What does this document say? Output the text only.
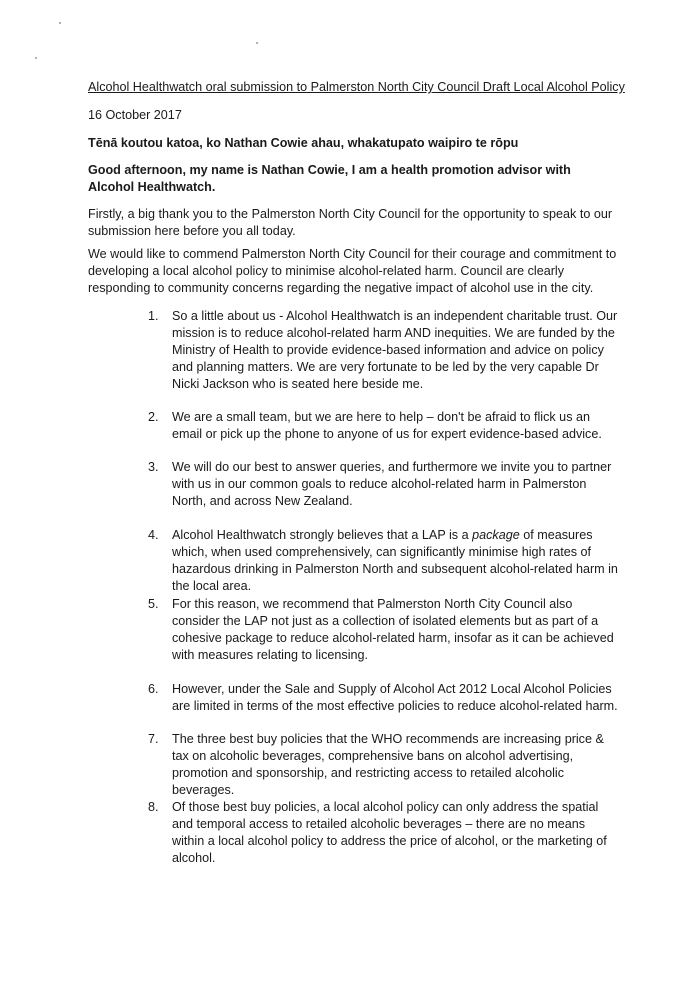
Alcohol Healthwatch oral submission to Palmerston North City Council Draft Local Alcohol Policy
16 October 2017
Tēnā koutou katoa, ko Nathan Cowie ahau, whakatupato waipiro te rōpu
Good afternoon, my name is Nathan Cowie, I am a health promotion advisor with Alcohol Healthwatch.
Firstly, a big thank you to the Palmerston North City Council for the opportunity to speak to our submission here before you all today.
We would like to commend Palmerston North City Council for their courage and commitment to developing a local alcohol policy to minimise alcohol-related harm. Council are clearly responding to community concerns regarding the negative impact of alcohol use in the city.
1.	So a little about us - Alcohol Healthwatch is an independent charitable trust. Our mission is to reduce alcohol-related harm AND inequities. We are funded by the Ministry of Health to provide evidence-based information and advice on policy and planning matters. We are very fortunate to be led by the very capable Dr Nicki Jackson who is seated here beside me.
2.	We are a small team, but we are here to help – don't be afraid to flick us an email or pick up the phone to anyone of us for expert evidence-based advice.
3.	We will do our best to answer queries, and furthermore we invite you to partner with us in our common goals to reduce alcohol-related harm in Palmerston North, and across New Zealand.
4.	Alcohol Healthwatch strongly believes that a LAP is a package of measures which, when used comprehensively, can significantly minimise high rates of hazardous drinking in Palmerston North and subsequent alcohol-related harm in the local area.
5.	For this reason, we recommend that Palmerston North City Council also consider the LAP not just as a collection of isolated elements but as part of a cohesive package to reduce alcohol-related harm, insofar as it can be achieved with measures relating to licensing.
6.	However, under the Sale and Supply of Alcohol Act 2012 Local Alcohol Policies are limited in terms of the most effective policies to reduce alcohol-related harm.
7.	The three best buy policies that the WHO recommends are increasing price & tax on alcoholic beverages, comprehensive bans on alcohol advertising, promotion and sponsorship, and restricting access to retailed alcoholic beverages.
8.	Of those best buy policies, a local alcohol policy can only address the spatial and temporal access to retailed alcoholic beverages – there are no means within a local alcohol policy to address the price of alcohol, or the marketing of alcohol.
